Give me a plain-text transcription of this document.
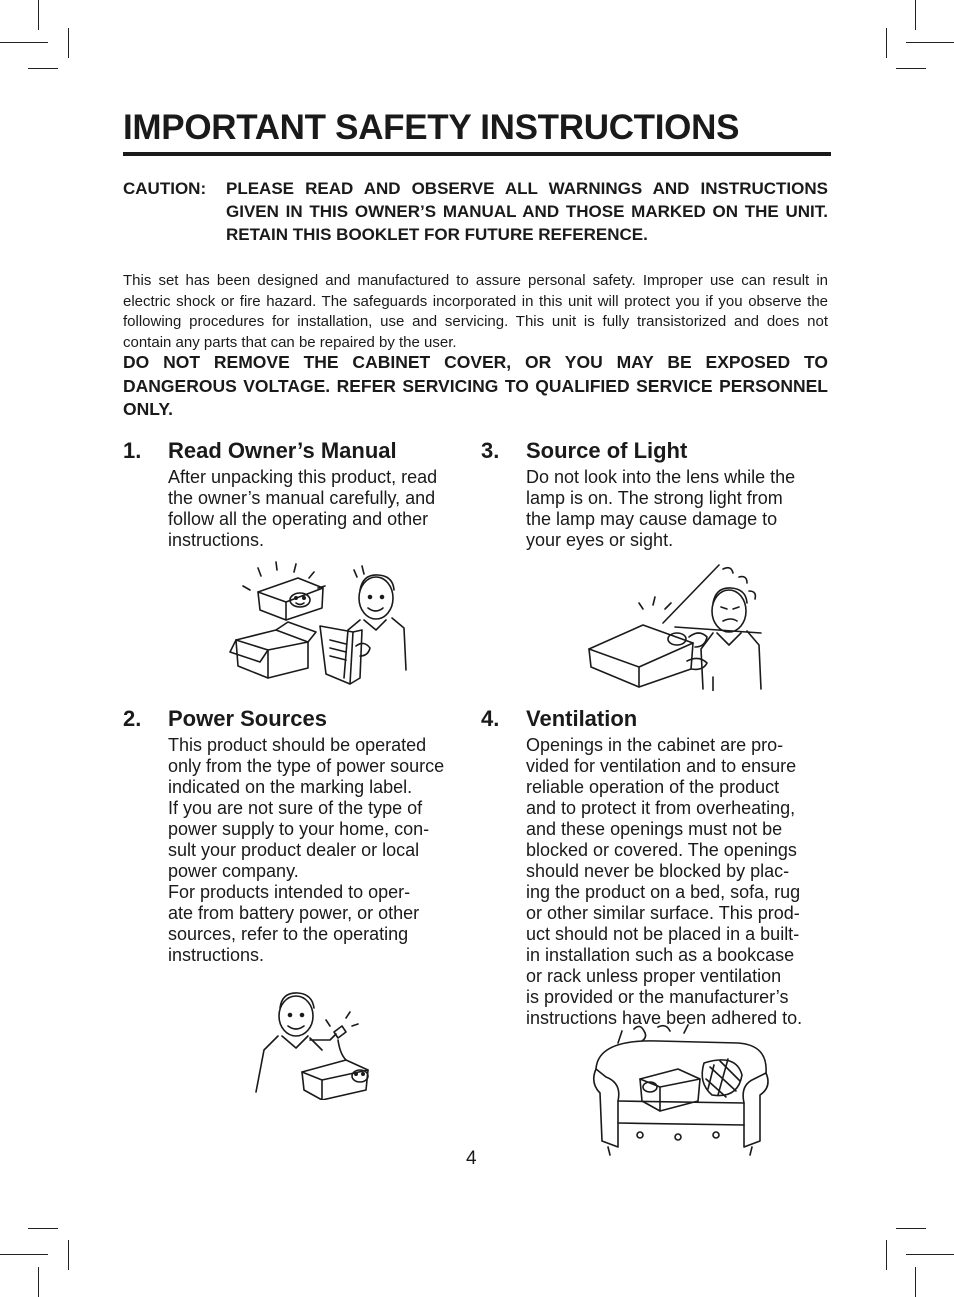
IMPORTANT SAFETY INSTRUCTIONS
CAUTION: PLEASE READ AND OBSERVE ALL WARNINGS AND INSTRUCTIONS GIVEN IN THIS OWNER’S MANUAL AND THOSE MARKED ON THE UNIT. RETAIN THIS BOOKLET FOR FUTURE REFERENCE.
This set has been designed and manufactured to assure personal safety. Improper use can result in electric shock or fire hazard. The safeguards incorporated in this unit will protect you if you observe the following procedures for installation, use and servicing. This unit is fully transistorized and does not contain any parts that can be repaired by the user.
DO NOT REMOVE THE CABINET COVER, OR YOU MAY BE EXPOSED TO DANGEROUS VOLTAGE. REFER SERVICING TO QUALIFIED SERVICE PERSONNEL ONLY.
1. Read Owner’s Manual

After unpacking this product, read

the owner’s manual carefully, and

follow all the operating and other

instructions.

2. Power Sources

This product should be operated

only from the type of power source

indicated on the marking label.

If you are not sure of the type of

power supply to your home, con-

sult your product dealer or local

power company.

For products intended to oper-

ate from battery power, or other

sources, refer to the operating

instructions.

3. Source of Light

Do not look into the lens while the

lamp is on. The strong light from

the lamp may cause damage to

your eyes or sight.

4. Ventilation

Openings in the cabinet are pro-

vided for ventilation and to ensure

reliable operation of the product

and to protect it from overheating,

and these openings must not be

blocked or covered. The openings

should never be blocked by plac-

ing the product on a bed, sofa, rug

or other similar surface. This prod-

uct should not be placed in a built-

in installation such as a bookcase

or rack unless proper ventilation

is provided or the manufacturer’s

instructions have been adhered to.

4
